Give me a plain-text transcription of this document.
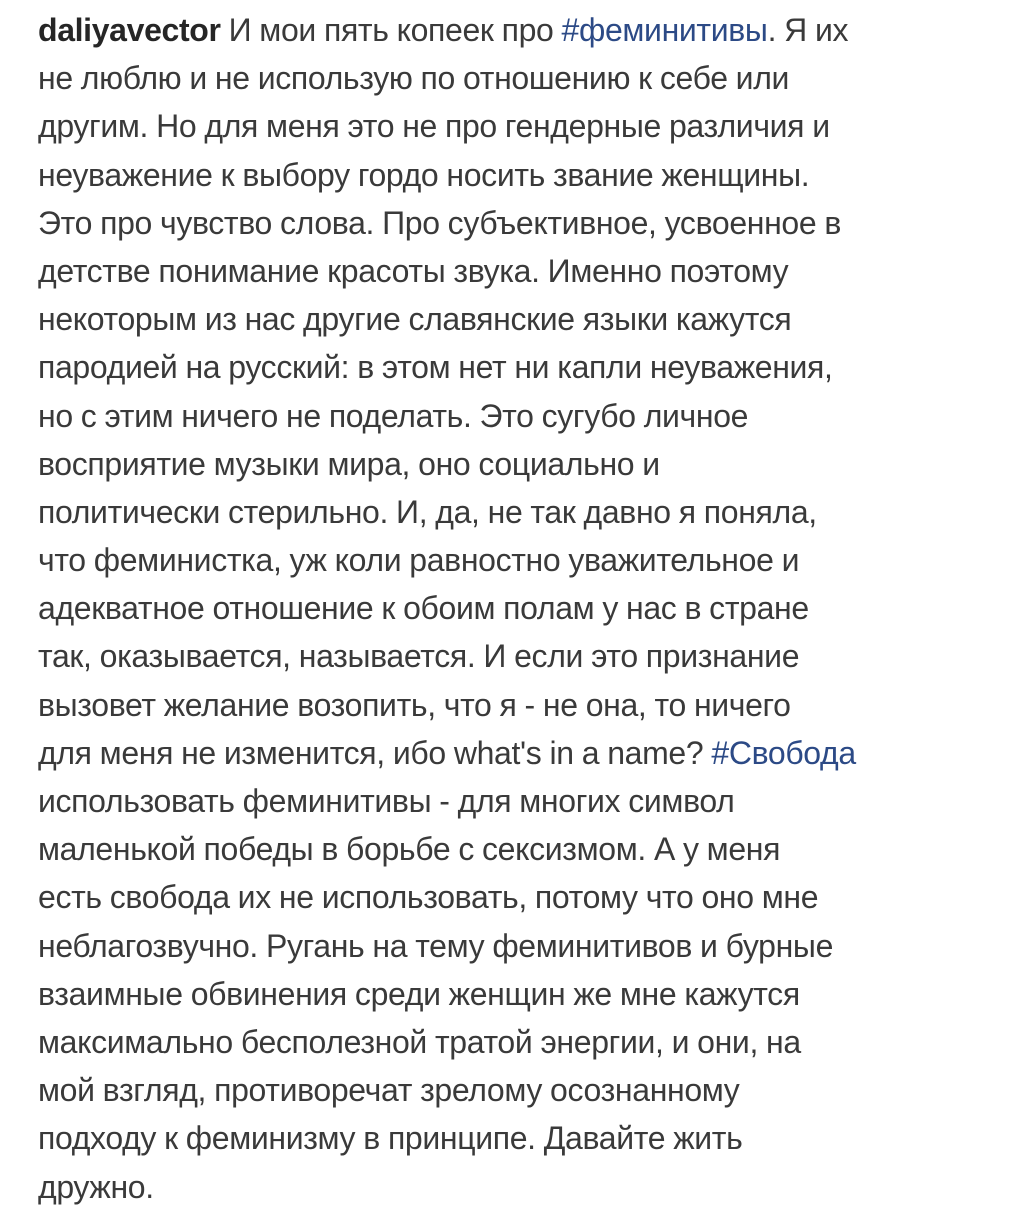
daliyavector И мои пять копеек про #феминитивы. Я их
не люблю и не использую по отношению к себе или
другим. Но для меня это не про гендерные различия и
неуважение к выбору гордо носить звание женщины.
Это про чувство слова. Про субъективное, усвоенное в
детстве понимание красоты звука. Именно поэтому
некоторым из нас другие славянские языки кажутся
пародией на русский: в этом нет ни капли неуважения,
но с этим ничего не поделать. Это сугубо личное
восприятие музыки мира, оно социально и
политически стерильно. И, да, не так давно я поняла,
что феминистка, уж коли равностно уважительное и
адекватное отношение к обоим полам у нас в стране
так, оказывается, называется. И если это признание
вызовет желание возопить, что я - не она, то ничего
для меня не изменится, ибо what's in a name? #Свобода
использовать феминитивы - для многих символ
маленькой победы в борьбе с сексизмом. А у меня
есть свобода их не использовать, потому что оно мне
неблагозвучно. Ругань на тему феминитивов и бурные
взаимные обвинения среди женщин же мне кажутся
максимально бесполезной тратой энергии, и они, на
мой взгляд, противоречат зрелому осознанному
подходу к феминизму в принципе. Давайте жить
дружно.
